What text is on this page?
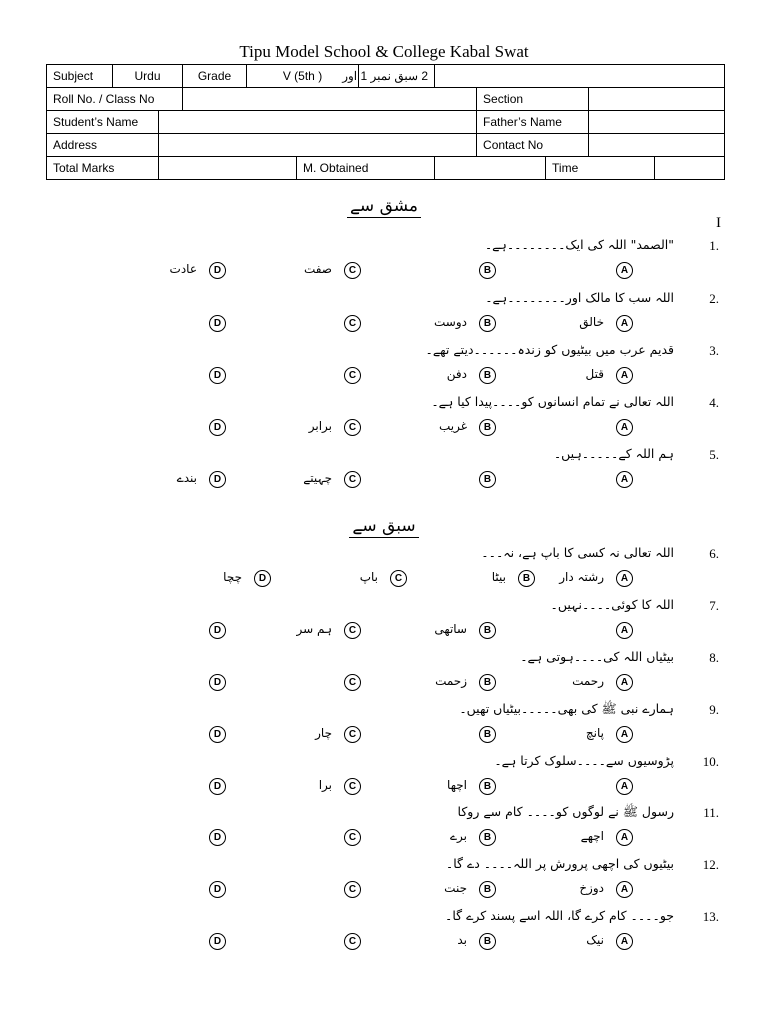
Tipu Model School & College Kabal Swat
Subject	Urdu		Grade	V (5th )		2 سبق نمبر 1 اور					
Roll No. / Class No								Section			
Student’s Name								Father’s Name			
Address								Contact No			
Total Marks					M. Obtained				Time		
مشق سے
I
سبق سے
1.
"الصمد" اللہ کی ایک۔۔۔۔۔۔۔۔ہے۔
A
B
C
صفت
D
عادت
2.
اللہ سب کا مالک اور۔۔۔۔۔۔۔۔ہے۔
A
خالق
B
دوست
C
D
3.
قدیم عرب میں بیٹیوں کو زندہ۔۔۔۔۔۔دیتے تھے۔
A
قتل
B
دفن
C
D
4.
اللہ تعالی نے تمام انسانوں کو۔۔۔۔پیدا کیا ہے۔
A
B
غریب
C
برابر
D
5.
ہم اللہ کے۔۔۔۔۔ہیں۔
A
B
C
چہیتے
D
بندے
6.
اللہ تعالی نہ کسی کا باپ ہے، نہ۔۔۔
A
رشتہ دار
B
بیٹا
C
باپ
D
چچا
7.
اللہ کا کوئی۔۔۔۔نہیں۔
A
B
ساتھی
C
ہم سر
D
8.
بیٹیاں اللہ کی۔۔۔۔ہوتی ہے۔
A
رحمت
B
زحمت
C
D
9.
ہمارے نبی ﷺ کی بھی۔۔۔۔۔بیٹیاں تھیں۔
A
پانچ
B
C
چار
D
10.
پڑوسیوں سے۔۔۔۔سلوک کرتا ہے۔
A
B
اچھا
C
برا
D
11.
رسول ﷺ نے لوگوں کو۔۔۔۔ کام سے روکا
A
اچھے
B
برے
C
D
12.
بیٹیوں کی اچھی پرورش پر اللہ۔۔۔۔ دے گا۔
A
دوزخ
B
جنت
C
D
13.
جو۔۔۔۔ کام کرے گا، اللہ اسے پسند کرے گا۔
A
نیک
B
بد
C
D
